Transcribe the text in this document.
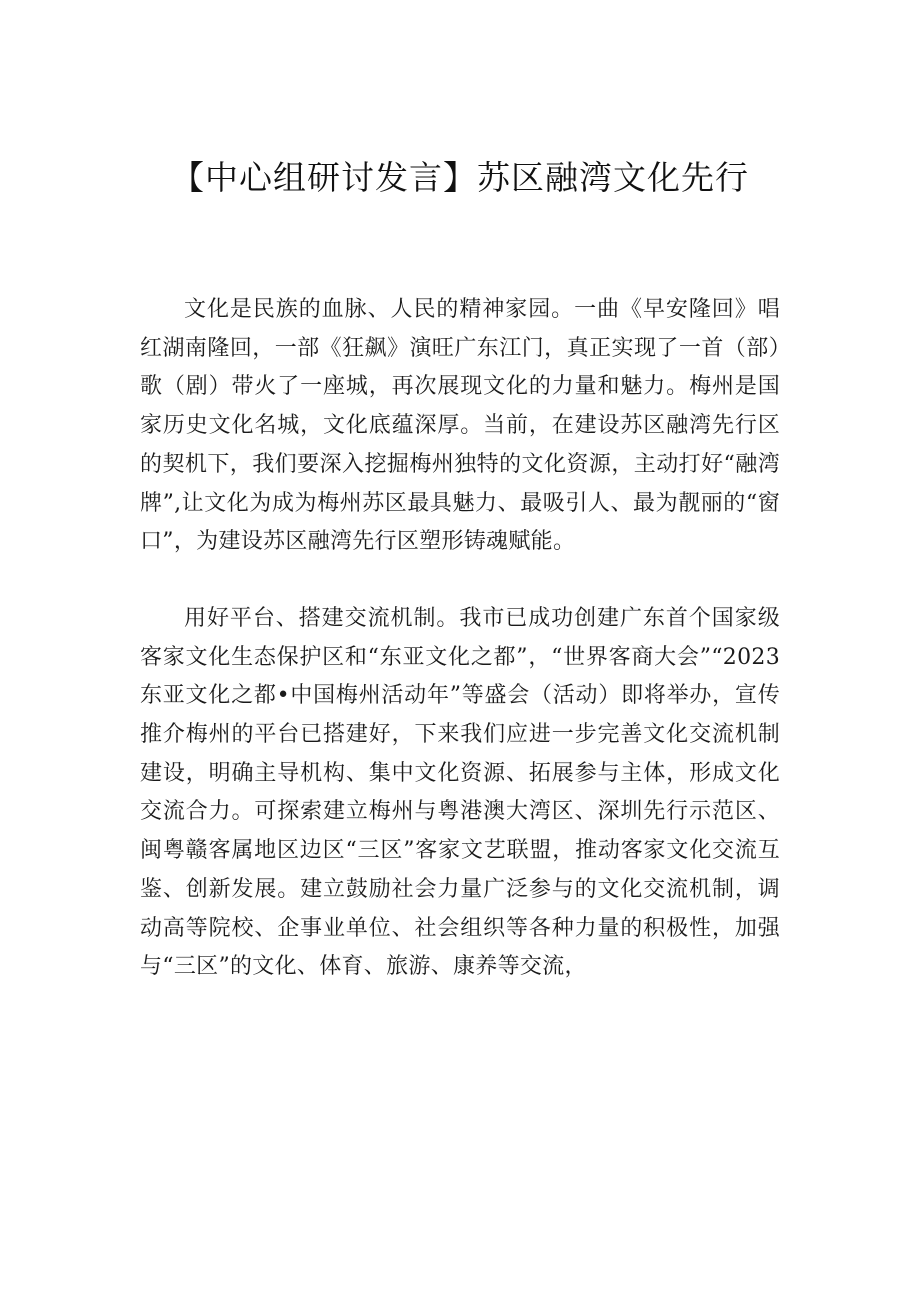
【中心组研讨发言】苏区融湾文化先行

文化是民族的血脉、人民的精神家园。一曲《早安隆回》唱红湖南隆回，一部《狂飙》演旺广东江门，真正实现了一首（部）歌（剧）带火了一座城，再次展现文化的力量和魅力。梅州是国家历史文化名城，文化底蕴深厚。当前，在建设苏区融湾先行区的契机下，我们要深入挖掘梅州独特的文化资源，主动打好“融湾牌”,让文化为成为梅州苏区最具魅力、最吸引人、最为靓丽的“窗口”，为建设苏区融湾先行区塑形铸魂赋能。

用好平台、搭建交流机制。我市已成功创建广东首个国家级客家文化生态保护区和“东亚文化之都”，“世界客商大会”“2023东亚文化之都•中国梅州活动年”等盛会（活动）即将举办，宣传推介梅州的平台已搭建好，下来我们应进一步完善文化交流机制建设，明确主导机构、集中文化资源、拓展参与主体，形成文化交流合力。可探索建立梅州与粤港澳大湾区、深圳先行示范区、闽粤赣客属地区边区“三区”客家文艺联盟，推动客家文化交流互鉴、创新发展。建立鼓励社会力量广泛参与的文化交流机制，调动高等院校、企事业单位、社会组织等各种力量的积极性，加强与“三区”的文化、体育、旅游、康养等交流，
